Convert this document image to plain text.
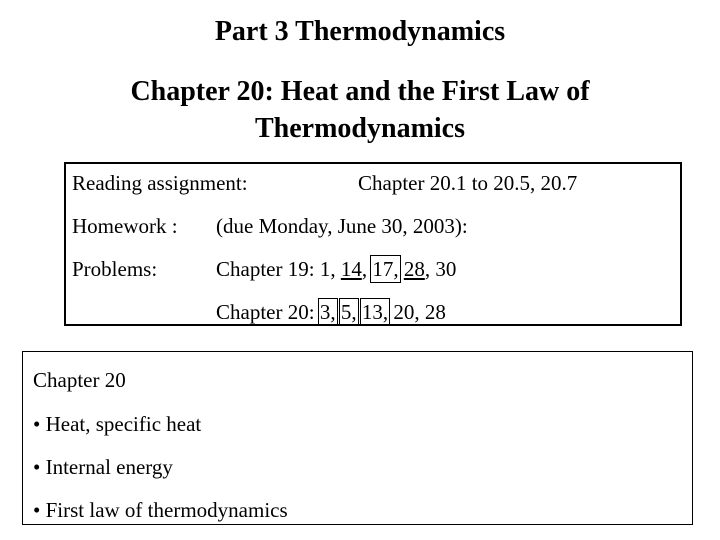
Part 3 Thermodynamics
Chapter 20: Heat and the First Law of
Thermodynamics
Reading assignment:	Chapter 20.1 to 20.5, 20.7
Homework : (due Monday, June 30, 2003):
Problems:	Chapter 19: 1, 14, 17, 28, 30
Chapter 20: 3, 5, 13, 20, 28
Chapter 20
• Heat, specific heat
• Internal energy
• First law of thermodynamics
